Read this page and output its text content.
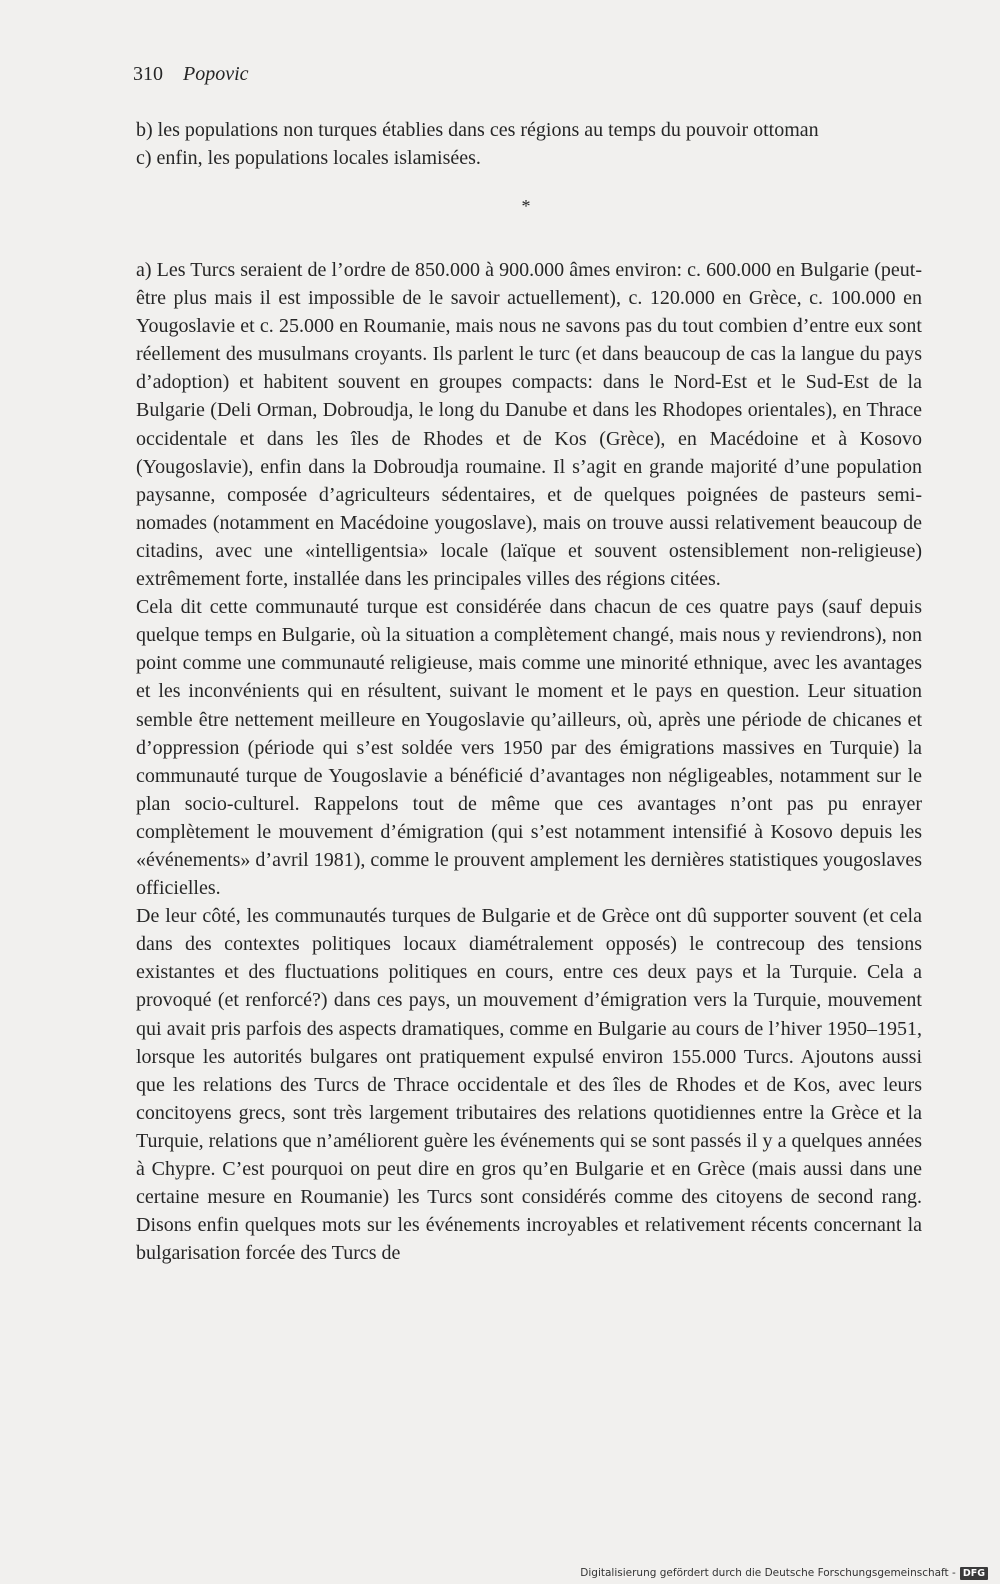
310 Popovic

b) les populations non turques établies dans ces régions au temps du pouvoir ottoman

c) enfin, les populations locales islamisées.

*

a) Les Turcs seraient de l’ordre de 850.000 à 900.000 âmes environ: c. 600.000 en Bulgarie (peut-être plus mais il est impossible de le savoir actuellement), c. 120.000 en Grèce, c. 100.000 en Yougoslavie et c. 25.000 en Roumanie, mais nous ne savons pas du tout combien d’entre eux sont réellement des musulmans croyants. Ils parlent le turc (et dans beaucoup de cas la langue du pays d’adoption) et habitent souvent en groupes compacts: dans le Nord-Est et le Sud-Est de la Bulgarie (Deli Orman, Dobroudja, le long du Danube et dans les Rhodopes orientales), en Thrace occidentale et dans les îles de Rhodes et de Kos (Grèce), en Macédoine et à Kosovo (Yougoslavie), enfin dans la Dobroudja roumaine. Il s’agit en grande majorité d’une population paysanne, composée d’agriculteurs sédentaires, et de quelques poignées de pasteurs semi-nomades (notamment en Macédoine yougoslave), mais on trouve aussi relativement beaucoup de citadins, avec une «intelligentsia» locale (laïque et souvent ostensiblement non-religieuse) extrêmement forte, installée dans les principales villes des régions citées.

Cela dit cette communauté turque est considérée dans chacun de ces quatre pays (sauf depuis quelque temps en Bulgarie, où la situation a complètement changé, mais nous y reviendrons), non point comme une communauté religieuse, mais comme une minorité ethnique, avec les avantages et les inconvénients qui en résultent, suivant le moment et le pays en question. Leur situation semble être nettement meilleure en Yougoslavie qu’ailleurs, où, après une période de chicanes et d’oppression (période qui s’est soldée vers 1950 par des émigrations massives en Turquie) la communauté turque de Yougoslavie a bénéficié d’avantages non négligeables, notamment sur le plan socio-culturel. Rappelons tout de même que ces avantages n’ont pas pu enrayer complètement le mouvement d’émigration (qui s’est notamment intensifié à Kosovo depuis les «événements» d’avril 1981), comme le prouvent amplement les dernières statistiques yougoslaves officielles.

De leur côté, les communautés turques de Bulgarie et de Grèce ont dû supporter souvent (et cela dans des contextes politiques locaux diamétralement opposés) le contrecoup des tensions existantes et des fluctuations politiques en cours, entre ces deux pays et la Turquie. Cela a provoqué (et renforcé?) dans ces pays, un mouvement d’émigration vers la Turquie, mouvement qui avait pris parfois des aspects dramatiques, comme en Bulgarie au cours de l’hiver 1950–1951, lorsque les autorités bulgares ont pratiquement expulsé environ 155.000 Turcs. Ajoutons aussi que les relations des Turcs de Thrace occidentale et des îles de Rhodes et de Kos, avec leurs concitoyens grecs, sont très largement tributaires des relations quotidiennes entre la Grèce et la Turquie, relations que n’améliorent guère les événements qui se sont passés il y a quelques années à Chypre. C’est pourquoi on peut dire en gros qu’en Bulgarie et en Grèce (mais aussi dans une certaine mesure en Roumanie) les Turcs sont considérés comme des citoyens de second rang. Disons enfin quelques mots sur les événements incroyables et relativement récents concernant la bulgarisation forcée des Turcs de

Digitalisierung gefördert durch die Deutsche Forschungsgemeinschaft - DFG
